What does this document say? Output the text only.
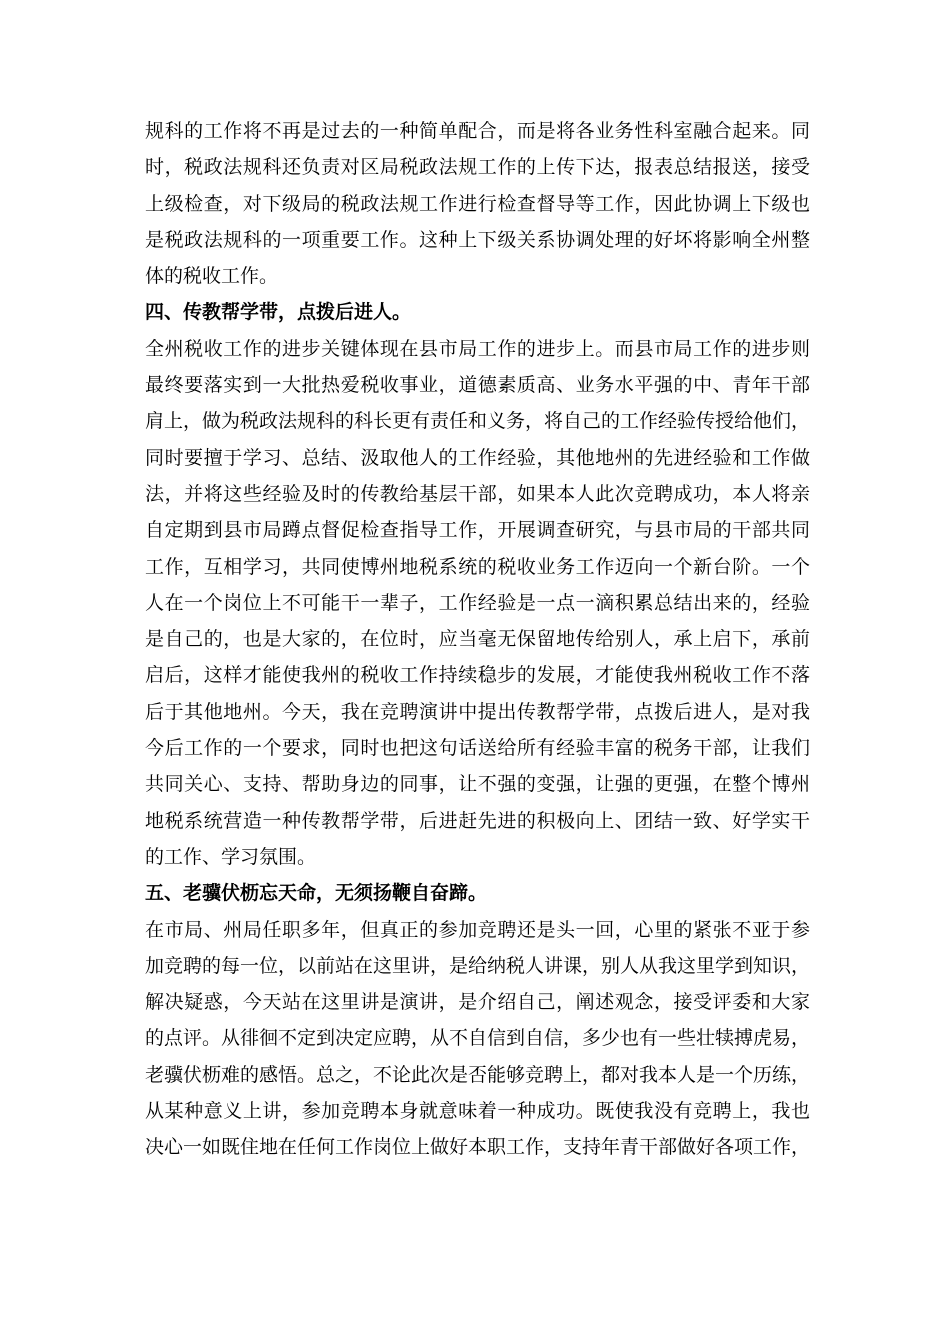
规科的工作将不再是过去的一种简单配合，而是将各业务性科室融合起来。同
时，税政法规科还负责对区局税政法规工作的上传下达，报表总结报送，接受
上级检查，对下级局的税政法规工作进行检查督导等工作，因此协调上下级也
是税政法规科的一项重要工作。这种上下级关系协调处理的好坏将影响全州整
体的税收工作。
四、传教帮学带，点拨后进人。
全州税收工作的进步关键体现在县市局工作的进步上。而县市局工作的进步则
最终要落实到一大批热爱税收事业，道德素质高、业务水平强的中、青年干部
肩上，做为税政法规科的科长更有责任和义务，将自己的工作经验传授给他们，
同时要擅于学习、总结、汲取他人的工作经验，其他地州的先进经验和工作做
法，并将这些经验及时的传教给基层干部，如果本人此次竞聘成功，本人将亲
自定期到县市局蹲点督促检查指导工作，开展调查研究，与县市局的干部共同
工作，互相学习，共同使博州地税系统的税收业务工作迈向一个新台阶。一个
人在一个岗位上不可能干一辈子，工作经验是一点一滴积累总结出来的，经验
是自己的，也是大家的，在位时，应当毫无保留地传给别人，承上启下，承前
启后，这样才能使我州的税收工作持续稳步的发展，才能使我州税收工作不落
后于其他地州。今天，我在竞聘演讲中提出传教帮学带，点拨后进人，是对我
今后工作的一个要求，同时也把这句话送给所有经验丰富的税务干部，让我们
共同关心、支持、帮助身边的同事，让不强的变强，让强的更强，在整个博州
地税系统营造一种传教帮学带，后进赶先进的积极向上、团结一致、好学实干
的工作、学习氛围。
五、老骥伏枥忘天命，无须扬鞭自奋蹄。
在市局、州局任职多年，但真正的参加竞聘还是头一回，心里的紧张不亚于参
加竞聘的每一位，以前站在这里讲，是给纳税人讲课，别人从我这里学到知识，
解决疑惑，今天站在这里讲是演讲，是介绍自己，阐述观念，接受评委和大家
的点评。从徘徊不定到决定应聘，从不自信到自信，多少也有一些壮犊搏虎易，
老骥伏枥难的感悟。总之，不论此次是否能够竞聘上，都对我本人是一个历练，
从某种意义上讲，参加竞聘本身就意味着一种成功。既使我没有竞聘上，我也
决心一如既住地在任何工作岗位上做好本职工作，支持年青干部做好各项工作，
